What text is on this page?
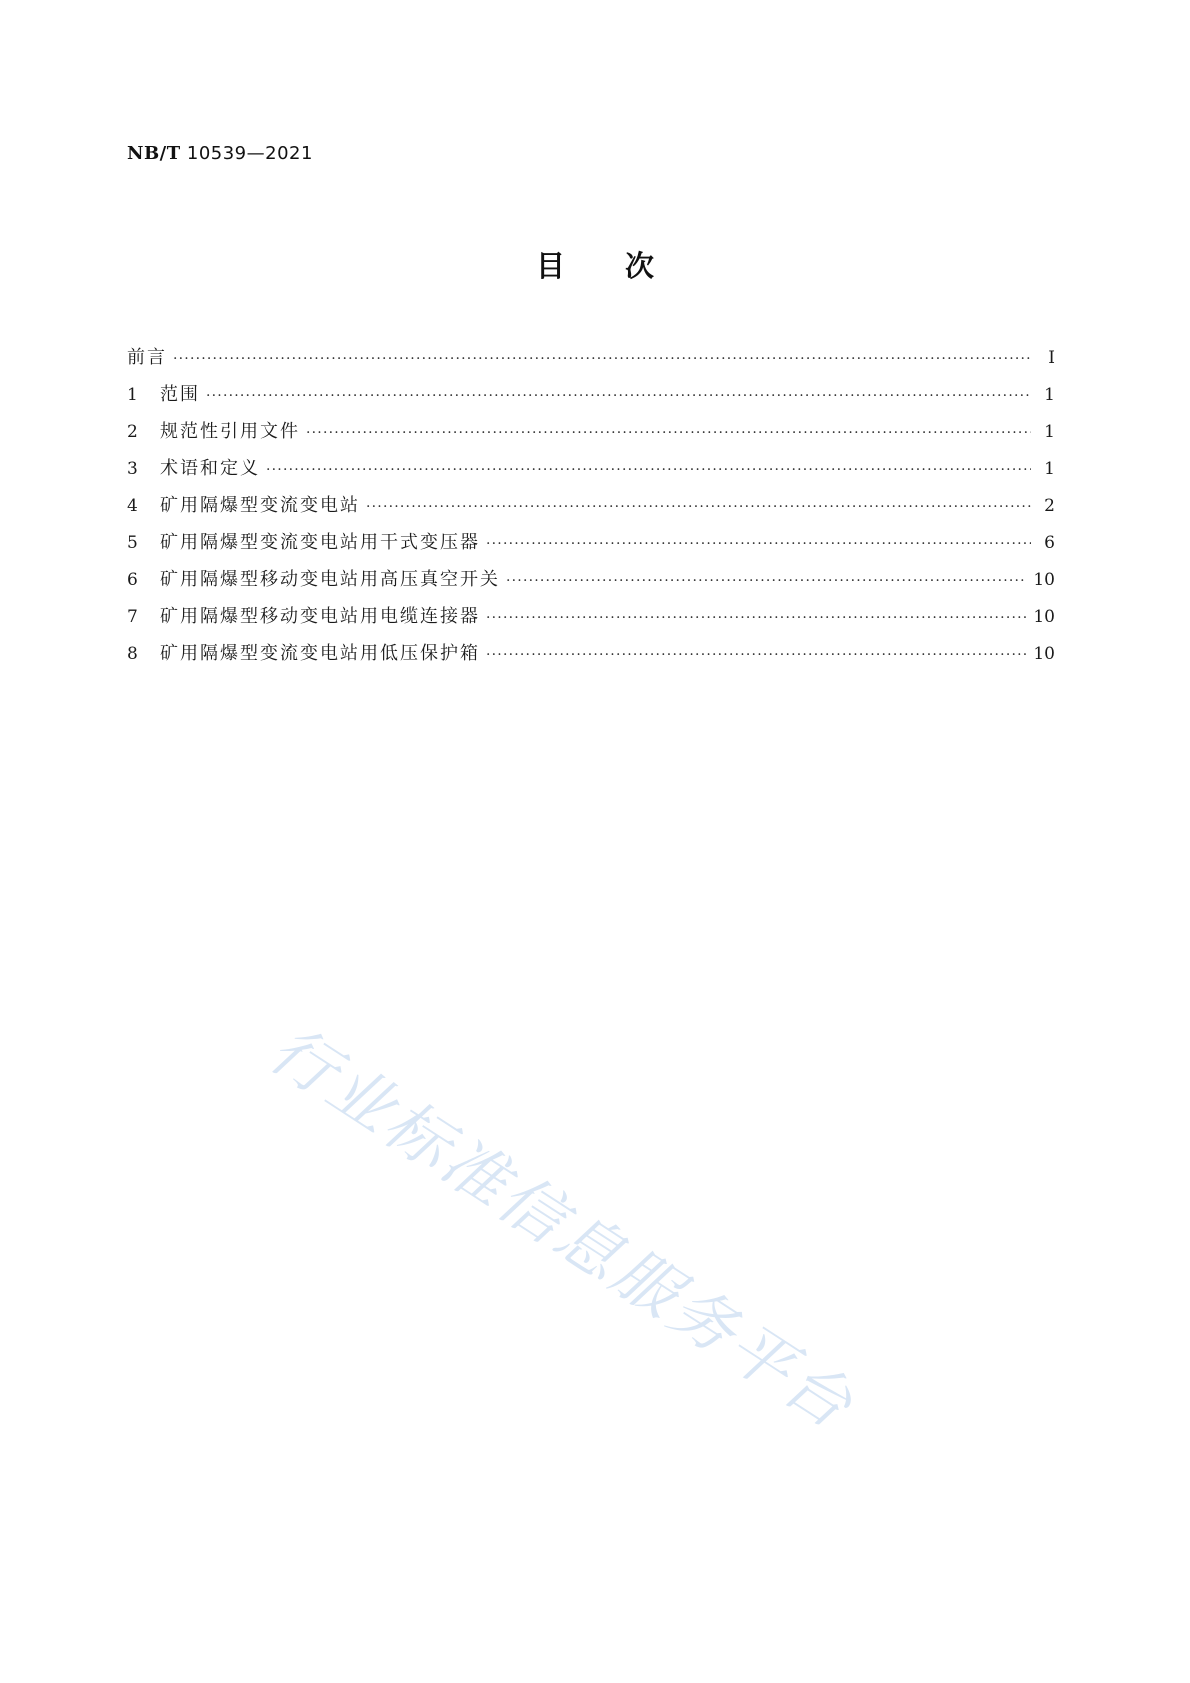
NB/T 10539—2021
目次
前言 ·····	Ⅰ
1	范围 ·····	1
2	规范性引用文件 ·····	1
3	术语和定义 ·····	1
4	矿用隔爆型变流变电站 ·····	2
5	矿用隔爆型变流变电站用干式变压器 ·····	6
6	矿用隔爆型移动变电站用高压真空开关 ·····	10
7	矿用隔爆型移动变电站用电缆连接器 ·····	10
8	矿用隔爆型变流变电站用低压保护箱 ·····	10
行业标准信息服务平台
